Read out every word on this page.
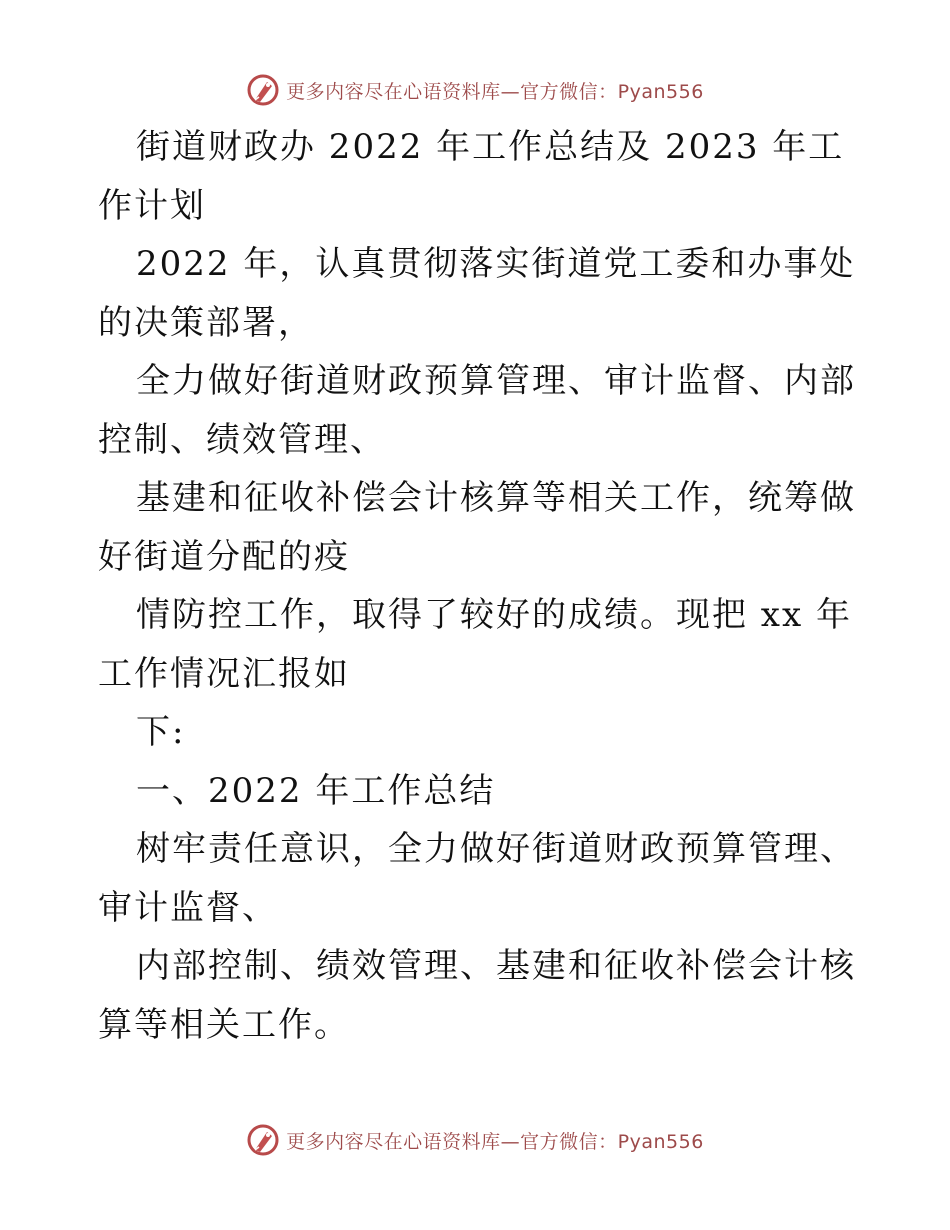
更多内容尽在心语资料库—官方微信：Pyan556

街道财政办 2022 年工作总结及 2023 年工作计划

2022 年，认真贯彻落实街道党工委和办事处的决策部署，

全力做好街道财政预算管理、审计监督、内部控制、绩效管理、

基建和征收补偿会计核算等相关工作，统筹做好街道分配的疫

情防控工作，取得了较好的成绩。现把 xx 年工作情况汇报如

下:

一、2022 年工作总结

树牢责任意识，全力做好街道财政预算管理、审计监督、

内部控制、绩效管理、基建和征收补偿会计核算等相关工作。

更多内容尽在心语资料库—官方微信：Pyan556
